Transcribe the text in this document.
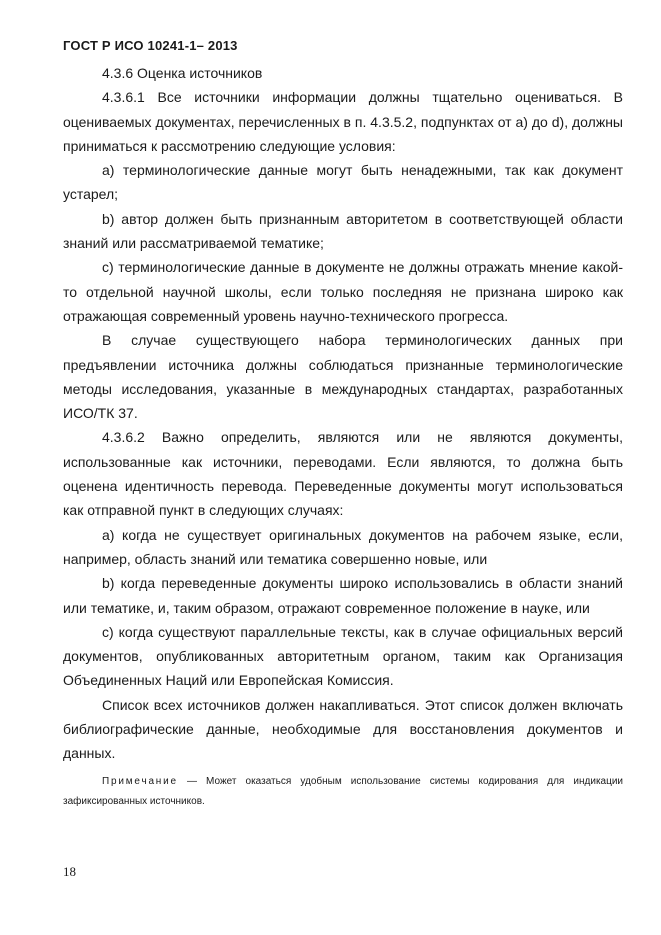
ГОСТ Р ИСО 10241-1– 2013

4.3.6 Оценка источников

4.3.6.1 Все источники информации должны тщательно оцениваться. В оцениваемых документах, перечисленных в п. 4.3.5.2, подпунктах от а) до d), должны приниматься к рассмотрению следующие условия:

a) терминологические данные могут быть ненадежными, так как документ устарел;

b) автор должен быть признанным авторитетом в соответствующей области знаний или рассматриваемой тематике;

c) терминологические данные в документе не должны отражать мнение какой-то отдельной научной школы, если только последняя не признана широко как отражающая современный уровень научно-технического прогресса.

В случае существующего набора терминологических данных при предъявлении источника должны соблюдаться признанные терминологические методы исследования, указанные в международных стандартах, разработанных ИСО/ТК 37.

4.3.6.2 Важно определить, являются или не являются документы, использованные как источники, переводами. Если являются, то должна быть оценена идентичность перевода. Переведенные документы могут использоваться как отправной пункт в следующих случаях:

a) когда не существует оригинальных документов на рабочем языке, если, например, область знаний или тематика совершенно новые, или

b) когда переведенные документы широко использовались в области знаний или тематике, и, таким образом, отражают современное положение в науке, или

c) когда существуют параллельные тексты, как в случае официальных версий документов, опубликованных авторитетным органом, таким как Организация Объединенных Наций или Европейская Комиссия.

Список всех источников должен накапливаться. Этот список должен включать библиографические данные, необходимые для восстановления документов и данных.

Примечание — Может оказаться удобным использование системы кодирования для индикации зафиксированных источников.

18
